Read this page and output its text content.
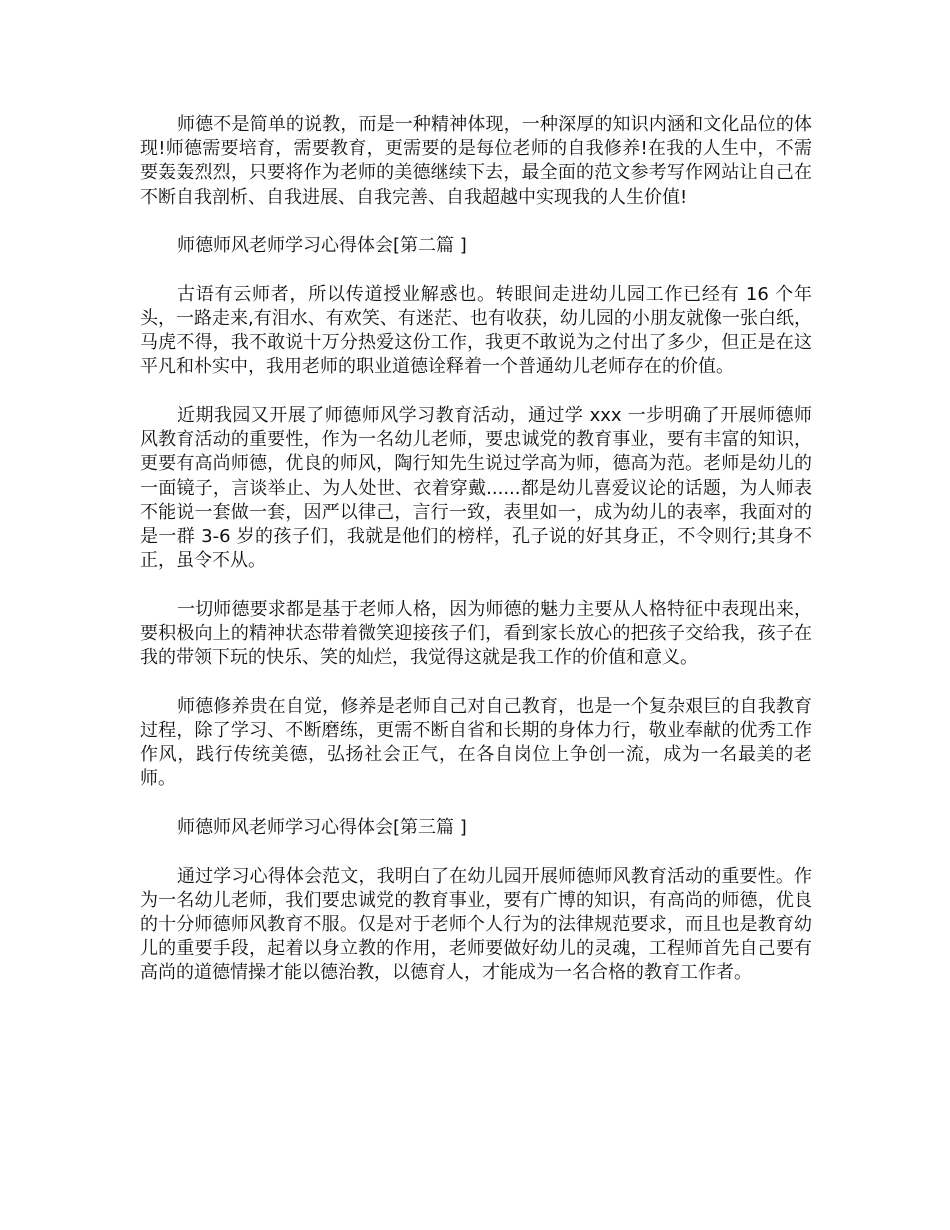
师德不是简单的说教，而是一种精神体现，一种深厚的知识内涵和文化品位的体现!师德需要培育，需要教育，更需要的是每位老师的自我修养!在我的人生中，不需要轰轰烈烈，只要将作为老师的美德继续下去，最全面的范文参考写作网站让自己在不断自我剖析、自我进展、自我完善、自我超越中实现我的人生价值!

师德师风老师学习心得体会[第二篇 ]

古语有云师者，所以传道授业解惑也。转眼间走进幼儿园工作已经有 16 个年头，一路走来,有泪水、有欢笑、有迷茫、也有收获，幼儿园的小朋友就像一张白纸，马虎不得，我不敢说十万分热爱这份工作，我更不敢说为之付出了多少，但正是在这平凡和朴实中，我用老师的职业道德诠释着一个普通幼儿老师存在的价值。

近期我园又开展了师德师风学习教育活动，通过学 xxx 一步明确了开展师德师风教育活动的重要性，作为一名幼儿老师，要忠诚党的教育事业，要有丰富的知识，更要有高尚师德，优良的师风，陶行知先生说过学高为师，德高为范。老师是幼儿的一面镜子，言谈举止、为人处世、衣着穿戴......都是幼儿喜爱议论的话题，为人师表不能说一套做一套，因严以律己，言行一致，表里如一，成为幼儿的表率，我面对的是一群 3-6 岁的孩子们，我就是他们的榜样，孔子说的好其身正，不令则行;其身不正，虽令不从。

一切师德要求都是基于老师人格，因为师德的魅力主要从人格特征中表现出来，要积极向上的精神状态带着微笑迎接孩子们，看到家长放心的把孩子交给我，孩子在我的带领下玩的快乐、笑的灿烂，我觉得这就是我工作的价值和意义。

师德修养贵在自觉，修养是老师自己对自己教育，也是一个复杂艰巨的自我教育过程，除了学习、不断磨练，更需不断自省和长期的身体力行，敬业奉献的优秀工作作风，践行传统美德，弘扬社会正气，在各自岗位上争创一流，成为一名最美的老师。

师德师风老师学习心得体会[第三篇 ]

通过学习心得体会范文，我明白了在幼儿园开展师德师风教育活动的重要性。作为一名幼儿老师，我们要忠诚党的教育事业，要有广博的知识，有高尚的师德，优良的十分师德师风教育不服。仅是对于老师个人行为的法律规范要求，而且也是教育幼儿的重要手段，起着以身立教的作用，老师要做好幼儿的灵魂，工程师首先自己要有高尚的道德情操才能以德治教，以德育人，才能成为一名合格的教育工作者。
